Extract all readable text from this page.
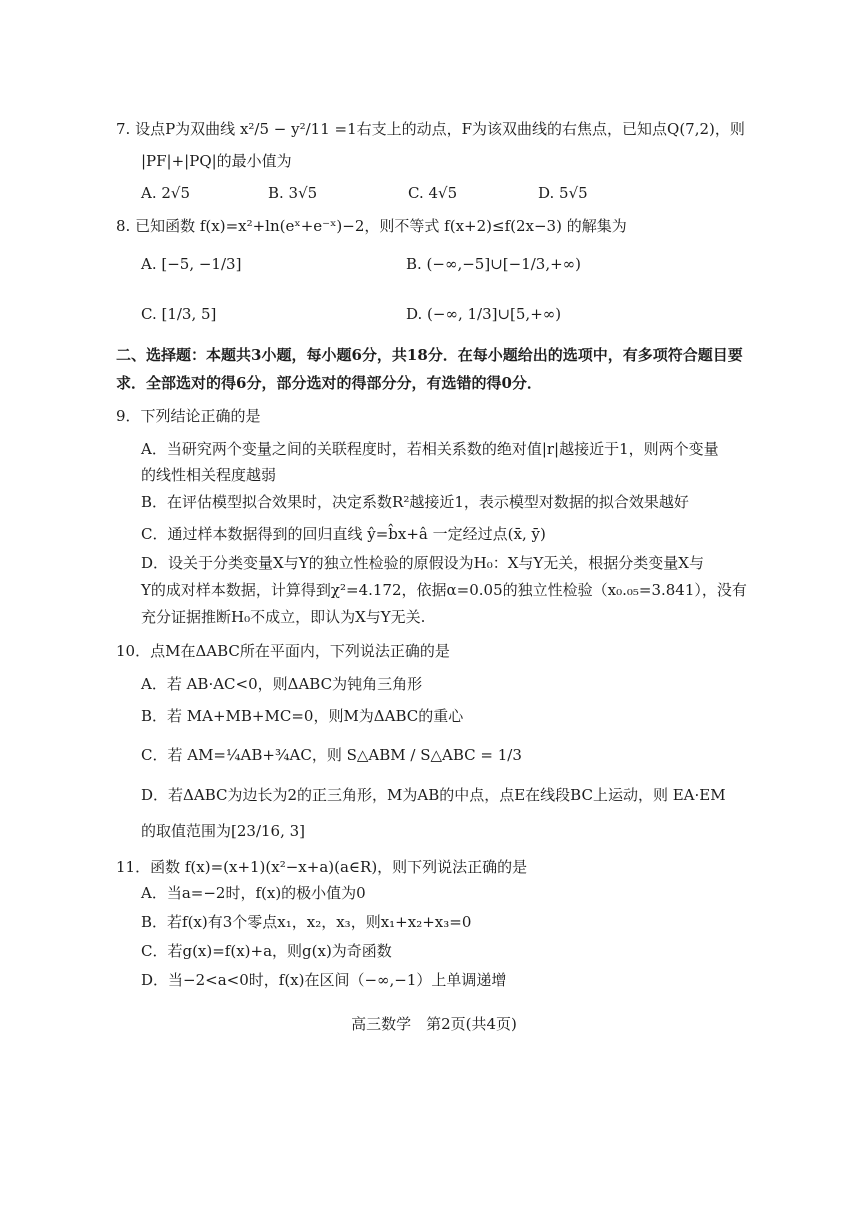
7. 设点P为双曲线 x²/5 − y²/11 =1右支上的动点，F为该双曲线的右焦点，已知点Q(7,2)，则
|PF|+|PQ|的最小值为
A. 2√5	B. 3√5	C. 4√5	D. 5√5
8. 已知函数 f(x)=x²+ln(eˣ+e⁻ˣ)−2，则不等式 f(x+2)≤f(2x−3) 的解集为
A. [−5, −1/3]	B. (−∞,−5]∪[−1/3,+∞)
C. [1/3, 5]	D. (−∞, 1/3]∪[5,+∞)
二、选择题：本题共3小题，每小题6分，共18分．在每小题给出的选项中，有多项符合题目要
求．全部选对的得6分，部分选对的得部分分，有选错的得0分．
9．下列结论正确的是
A．当研究两个变量之间的关联程度时，若相关系数的绝对值|r|越接近于1，则两个变量
的线性相关程度越弱
B．在评估模型拟合效果时，决定系数R²越接近1，表示模型对数据的拟合效果越好
C．通过样本数据得到的回归直线 ŷ=b̂x+â 一定经过点(x̄, ȳ)
D．设关于分类变量X与Y的独立性检验的原假设为H₀：X与Y无关，根据分类变量X与
Y的成对样本数据，计算得到χ²=4.172，依据α=0.05的独立性检验（x₀.₀₅=3.841），没有
充分证据推断H₀不成立，即认为X与Y无关.
10．点M在ΔABC所在平面内，下列说法正确的是
A．若 AB·AC<0，则ΔABC为钝角三角形
B．若 MA+MB+MC=0，则M为ΔABC的重心
C．若 AM=¼AB+¾AC，则 S△ABM / S△ABC = 1/3
D．若ΔABC为边长为2的正三角形，M为AB的中点，点E在线段BC上运动，则 EA·EM
的取值范围为[23/16, 3]
11．函数 f(x)=(x+1)(x²−x+a)(a∈R)，则下列说法正确的是
A．当a=−2时，f(x)的极小值为0
B．若f(x)有3个零点x₁，x₂，x₃，则x₁+x₂+x₃=0
C．若g(x)=f(x)+a，则g(x)为奇函数
D．当−2<a<0时，f(x)在区间（−∞,−1）上单调递增
高三数学　第2页(共4页)
